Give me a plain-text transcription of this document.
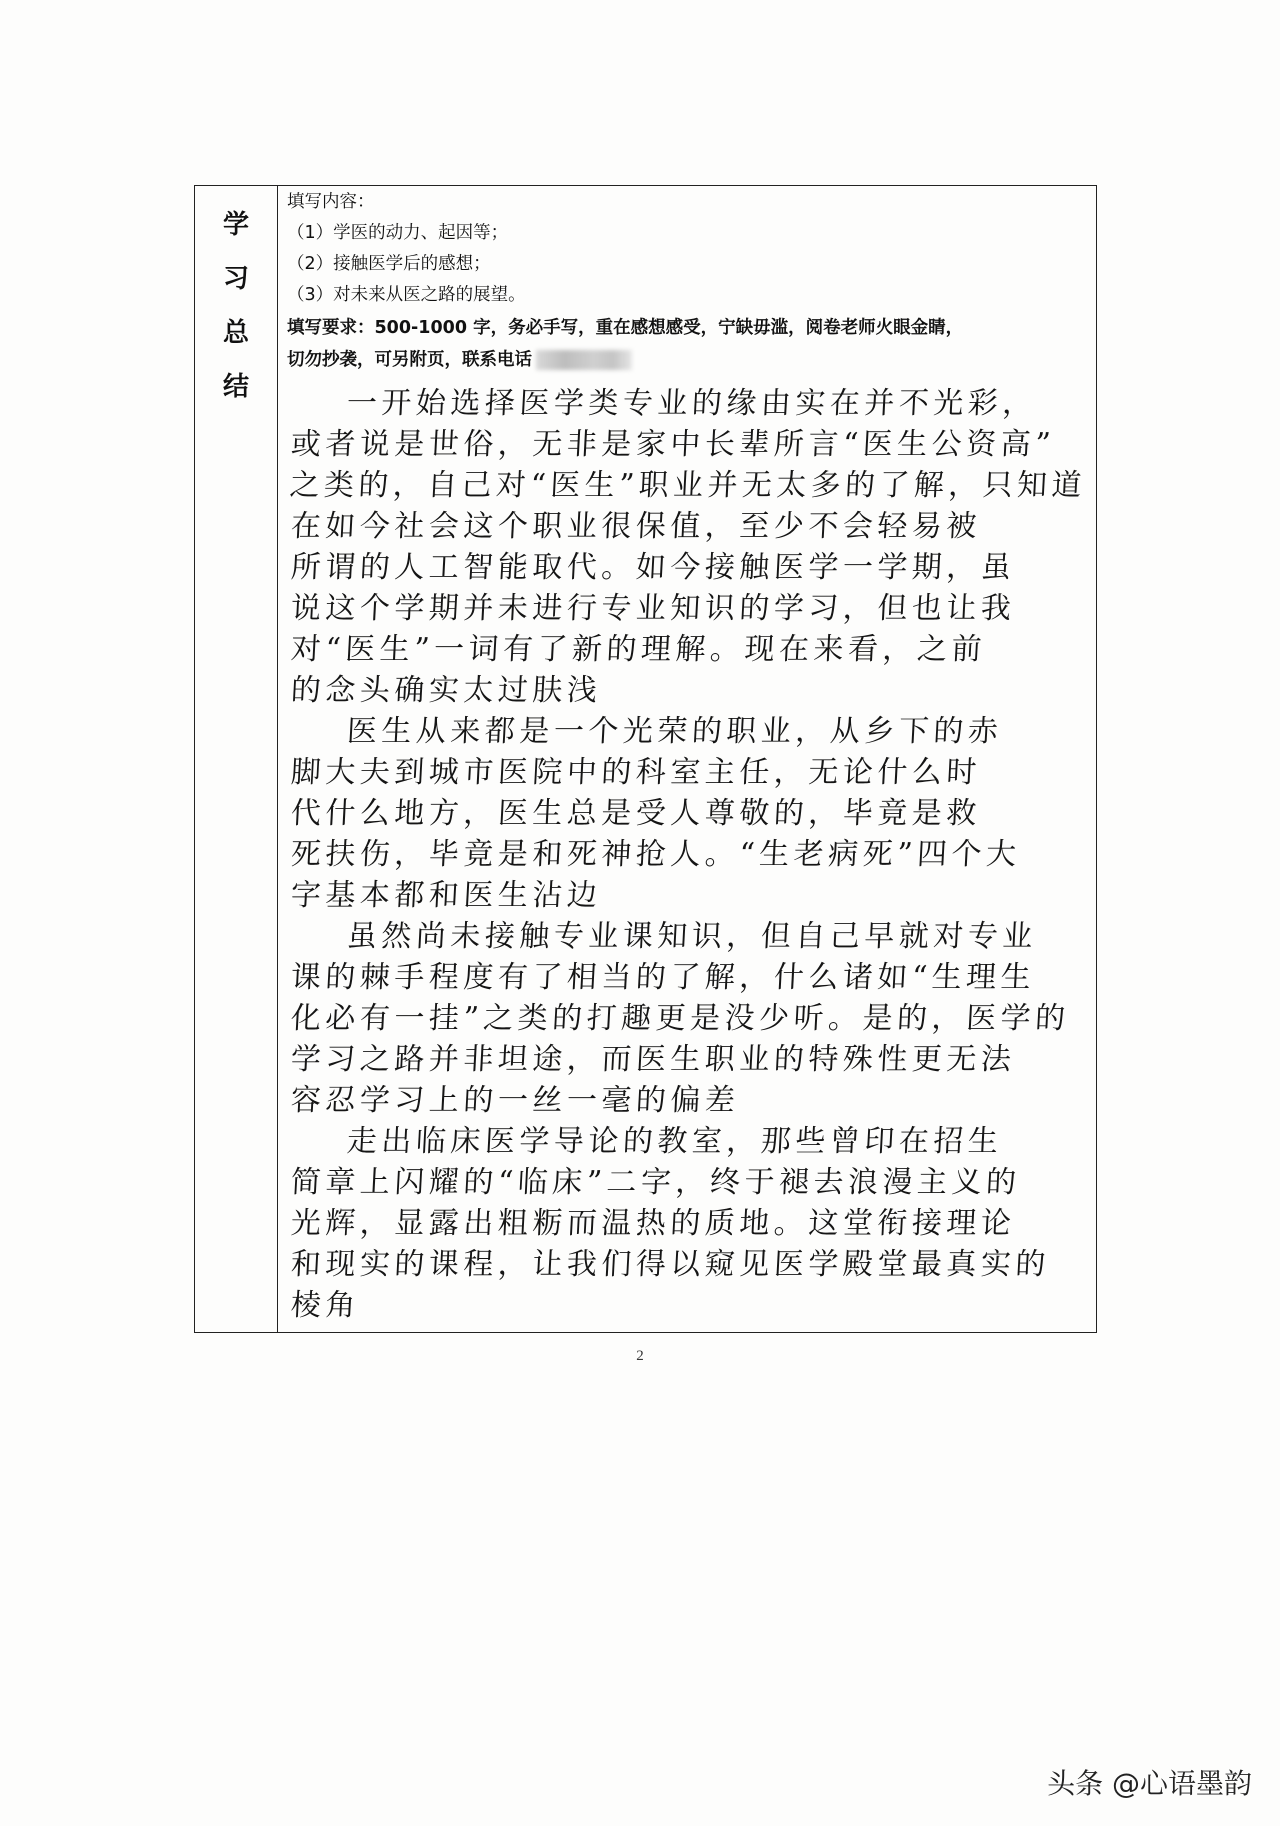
学
习
总
结
填写内容：
（1）学医的动力、起因等；
（2）接触医学后的感想；
（3）对未来从医之路的展望。
填写要求：500-1000 字，务必手写，重在感想感受，宁缺毋滥，阅卷老师火眼金睛，
切勿抄袭，可另附页，联系电话
一开始选择医学类专业的缘由实在并不光彩，
或者说是世俗，无非是家中长辈所言“医生公资高”
之类的，自己对“医生”职业并无太多的了解，只知道
在如今社会这个职业很保值，至少不会轻易被
所谓的人工智能取代。如今接触医学一学期，虽
说这个学期并未进行专业知识的学习，但也让我
对“医生”一词有了新的理解。现在来看，之前
的念头确实太过肤浅
医生从来都是一个光荣的职业，从乡下的赤
脚大夫到城市医院中的科室主任，无论什么时
代什么地方，医生总是受人尊敬的，毕竟是救
死扶伤，毕竟是和死神抢人。“生老病死”四个大
字基本都和医生沾边
虽然尚未接触专业课知识，但自己早就对专业
课的棘手程度有了相当的了解，什么诸如“生理生
化必有一挂”之类的打趣更是没少听。是的，医学的
学习之路并非坦途，而医生职业的特殊性更无法
容忍学习上的一丝一毫的偏差
走出临床医学导论的教室，那些曾印在招生
简章上闪耀的“临床”二字，终于褪去浪漫主义的
光辉，显露出粗粝而温热的质地。这堂衔接理论
和现实的课程，让我们得以窥见医学殿堂最真实的
棱角
2
头条 @心语墨韵
